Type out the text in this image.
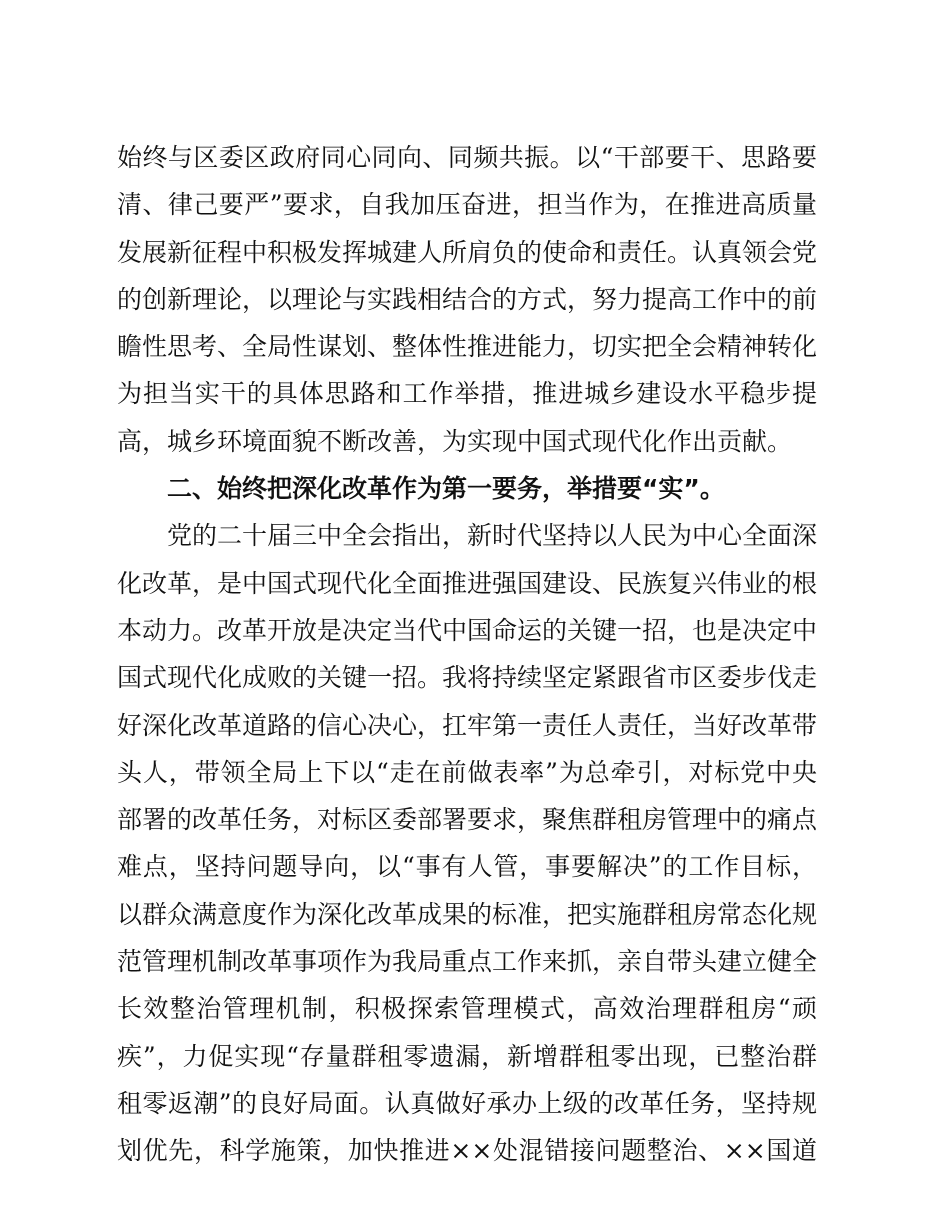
始终与区委区政府同心同向、同频共振。以“干部要干、思路要
清、律己要严”要求，自我加压奋进，担当作为，在推进高质量
发展新征程中积极发挥城建人所肩负的使命和责任。认真领会党
的创新理论，以理论与实践相结合的方式，努力提高工作中的前
瞻性思考、全局性谋划、整体性推进能力，切实把全会精神转化
为担当实干的具体思路和工作举措，推进城乡建设水平稳步提
高，城乡环境面貌不断改善，为实现中国式现代化作出贡献。
二、始终把深化改革作为第一要务，举措要“实”。
党的二十届三中全会指出，新时代坚持以人民为中心全面深
化改革，是中国式现代化全面推进强国建设、民族复兴伟业的根
本动力。改革开放是决定当代中国命运的关键一招，也是决定中
国式现代化成败的关键一招。我将持续坚定紧跟省市区委步伐走
好深化改革道路的信心决心，扛牢第一责任人责任，当好改革带
头人，带领全局上下以“走在前做表率”为总牵引，对标党中央
部署的改革任务，对标区委部署要求，聚焦群租房管理中的痛点
难点，坚持问题导向，以“事有人管，事要解决”的工作目标，
以群众满意度作为深化改革成果的标准，把实施群租房常态化规
范管理机制改革事项作为我局重点工作来抓，亲自带头建立健全
长效整治管理机制，积极探索管理模式，高效治理群租房“顽
疾”，力促实现“存量群租零遗漏，新增群租零出现，已整治群
租零返潮”的良好局面。认真做好承办上级的改革任务，坚持规
划优先，科学施策，加快推进××处混错接问题整治、××国道
